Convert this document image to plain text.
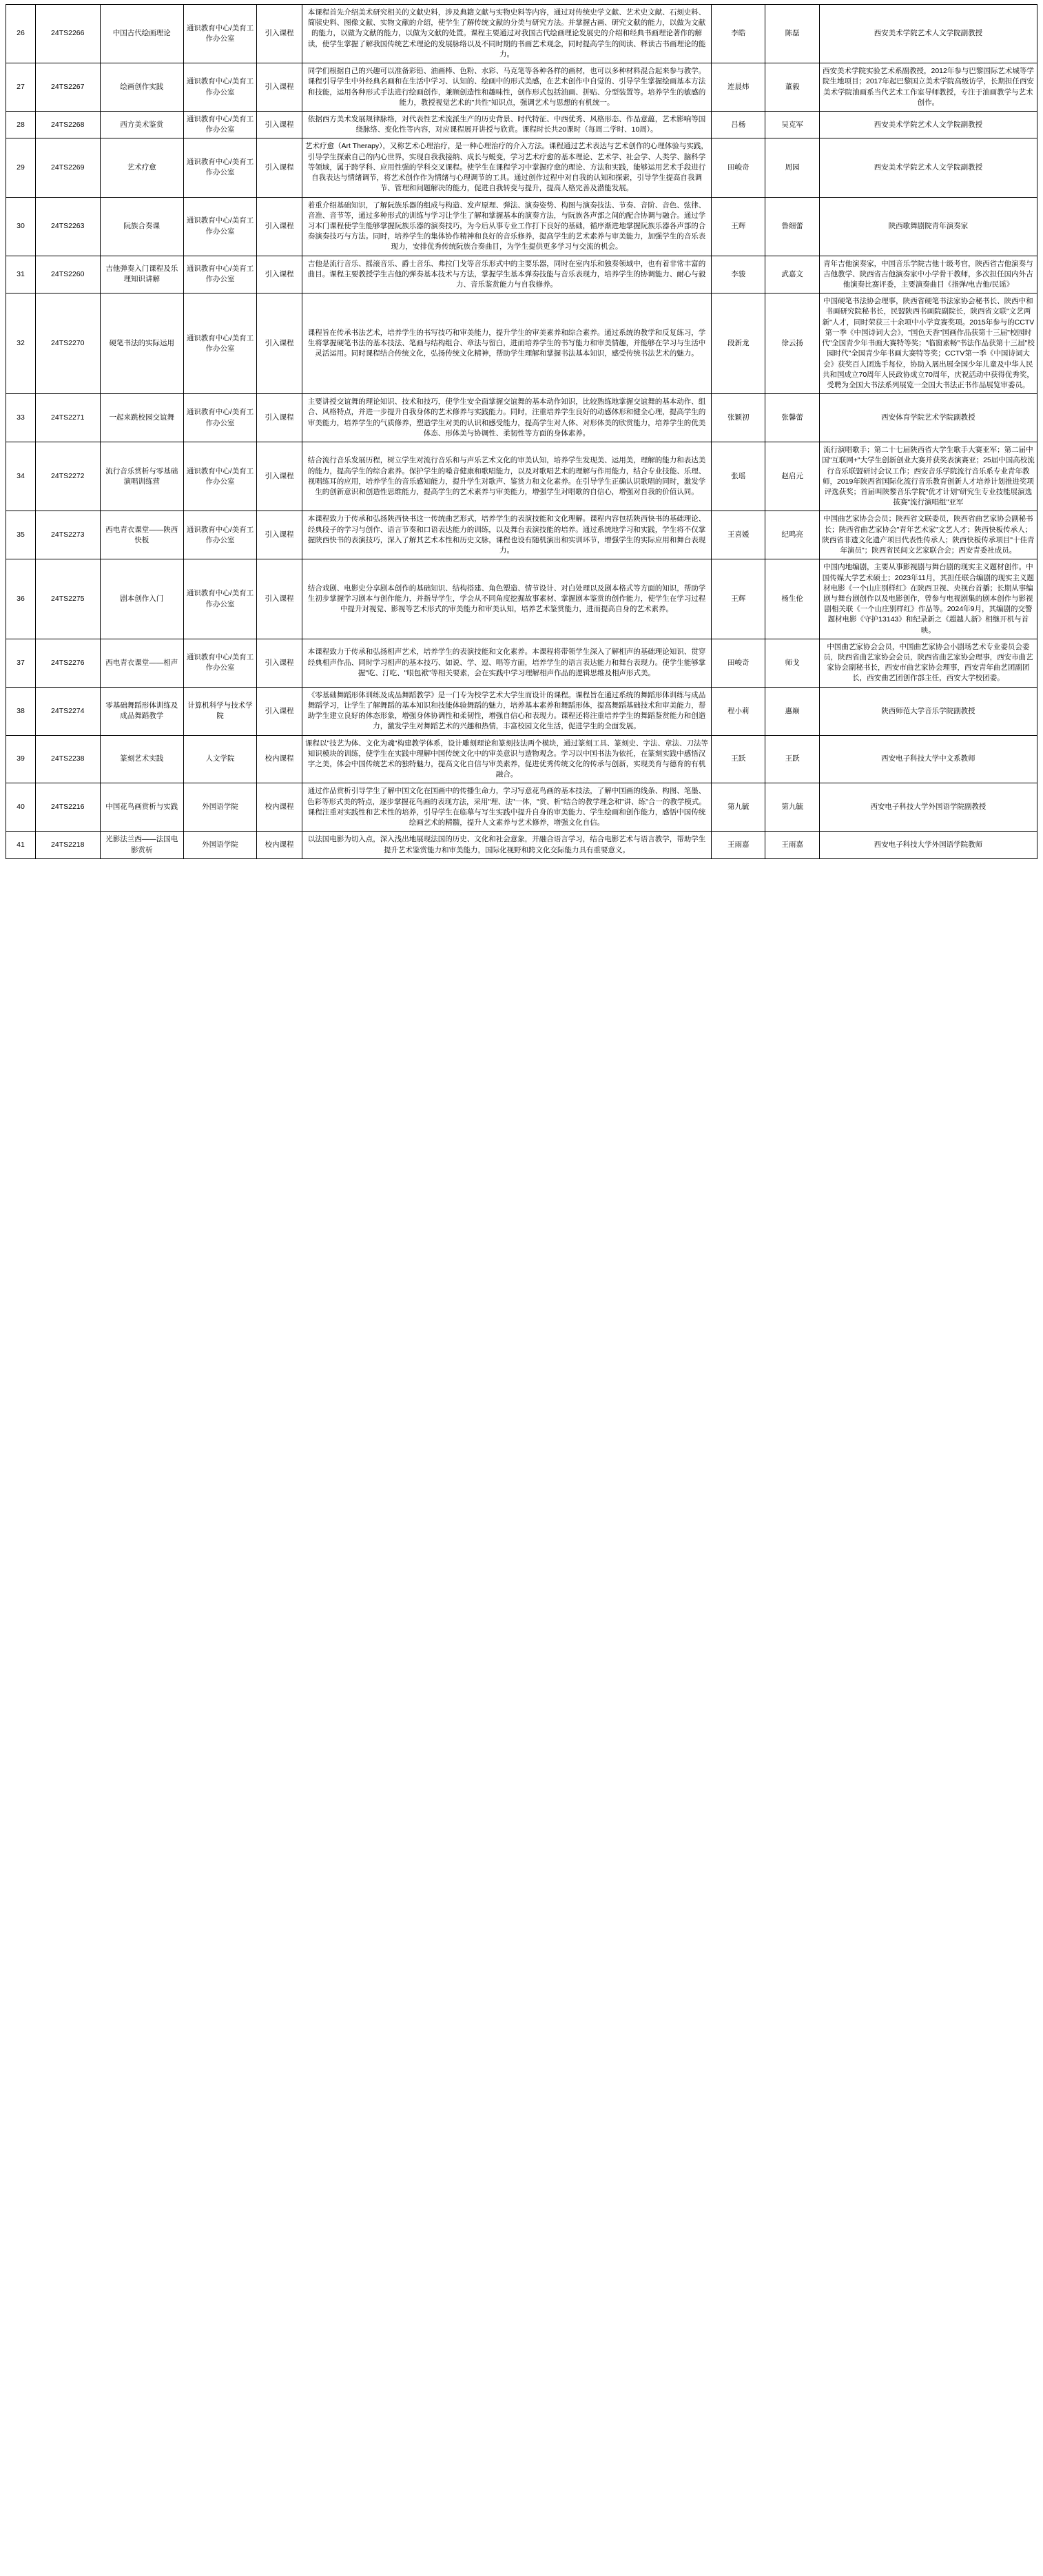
26	24TS2266	中国古代绘画理论	通识教育中心/美育工作办公室	引入课程	本课程首先介绍美术研究相关的文献史料，涉及典籍文献与实物史料等内容，通过对传统史学文献、艺术史文献、石刻史料、简牍史料、图像文献、实物文献的介绍，使学生了解传统文献的分类与研究方法。并掌握古画、研究文献的能力，以做为文献的能力，以做为文献的能力，以做为文献的处置。课程主要通过对我国古代绘画理论发展史的介绍和经典书画理论著作的解读，使学生掌握了解我国传统艺术理论的发展脉络以及不同时期的书画艺术观念，同时提高学生的阅读、释读古书画理论的能力。	李皓	陈磊	西安美术学院艺术人文学院副教授
27	24TS2267	绘画创作实践	通识教育中心/美育工作办公室	引入课程	同学们根据自己的兴趣可以准备彩铅、油画棒、色粉、水彩、马克笔等各种各样的画材，也可以多种材料混合起来参与教学。课程引导学生中外经典名画和在生活中学习、认知的、绘画中的形式美感，在艺术创作中自觉的、引导学生掌握绘画基本方法和技能，运用各种形式手法进行绘画创作，兼顾创造性和趣味性，创作形式包括油画、拼贴、分型装置等。培养学生的敏感的能力，教授视觉艺术的"共性"知识点，强调艺术与思想的有机统一。	连晨炜	董毅	西安美术学院实验艺术系副教授，2012年参与巴黎国际艺术城等学院生地项目；2017年起巴黎国立美术学院高级访学，长期担任西安美术学院油画系当代艺术工作室导师教授，专注于油画教学与艺术创作。
28	24TS2268	西方美术鉴赏	通识教育中心/美育工作办公室	引入课程	依据西方美术发展规律脉络，对代表性艺术流派生产的历史背景、时代特征、中西优秀、风格形态、作品意蕴，艺术影响等国绕脉络、变化性等内容，对应课程展开讲授与欣赏。课程时长共20课时（每周二学时、10周）。	吕杨	吴克军	西安美术学院艺术人文学院副教授
29	24TS2269	艺术疗愈	通识教育中心/美育工作办公室	引入课程	艺术疗愈（Art Therapy），又称艺术心理治疗，是一种心理治疗的介入方法。课程通过艺术表达与艺术创作的心理体验与实践，引导学生探索自己的内心世界，实现自我我接纳、成长与蜕变，学习艺术疗愈的基本理论、艺术学、社会学、人类学、脑科学等领域，属于跨学科、应用性强的学科交叉课程。使学生在课程学习中掌握疗愈的理论、方法和实践，能够运用艺术手段进行自我表达与情绪调节，将艺术创作作为情绪与心理调节的工具。通过创作过程中对自我的认知和探索，引导学生提高自我调节、管理和问题解决的能力，促进自我转变与提升，提高人格完善及潜能发展。	田峻奇	周园	西安美术学院艺术人文学院副教授
30	24TS2263	阮族合奏课	通识教育中心/美育工作办公室	引入课程	着重介绍基础知识，了解阮族乐器的组成与构造、发声原理、弹法、演奏姿势、构图与演奏技法、节奏、音阶、音色、弦律、音准、音节等，通过多种形式的训练与学习让学生了解和掌握基本的演奏方法，与阮族各声部之间的配合协调与融合。通过学习本门课程使学生能够掌握阮族乐器的演奏技巧，为今后从事专业工作打下良好的基础，循序渐进地掌握阮族乐器各声部的合奏演奏技巧与方法。同时，培养学生的集体协作精神和良好的音乐修养，提高学生的艺术素养与审美能力，加强学生的音乐表现力，安排优秀传统阮族合奏曲目，为学生提供更多学习与交流的机会。	王辉	鲁细蕾	陕西歌舞剧院青年演奏家
31	24TS2260	吉他弹奏入门课程及乐理知识讲解	通识教育中心/美育工作办公室	引入课程	吉他是流行音乐、摇滚音乐、爵士音乐、弗拉门戈等音乐形式中的主要乐器，同时在室内乐和独奏领域中，也有着非常丰富的曲目。课程主要教授学生吉他的弹奏基本技术与方法，掌握学生基本弹奏技能与音乐表现力，培养学生的协调能力、耐心与毅力、音乐鉴赏能力与自我修养。	李骏	武嘉文	青年吉他演奏家，中国音乐学院吉他十级考官，陕西省吉他演奏与吉他教学、陕西省吉他演奏家中小学骨干教师，多次担任国内外吉他演奏比赛评委，主要演奏曲目《指弹/电吉他/民谣》
32	24TS2270	硬笔书法的实际运用	通识教育中心/美育工作办公室	引入课程	课程旨在传承书法艺术，培养学生的书写技巧和审美能力，提升学生的审美素养和综合素养。通过系统的教学和反复练习，学生将掌握硬笔书法的基本技法、笔画与结构组合、章法与留白，进而培养学生的书写能力和审美情趣，并能够在学习与生活中灵活运用。同时课程结合传统文化，弘扬传统文化精神，帮助学生理解和掌握书法基本知识，感受传统书法艺术的魅力。	段新龙	徐云扬	中国硬笔书法协会理事，陕西省硬笔书法家协会秘书长、陕西中和书画研究院秘书长，民盟陕西书画院副院长，陕西省文联"文艺两新"人才，同时荣获三十余项中小学竞赛奖项。2015年参与的CCTV第一季《中国诗词大会》，"国色天香"国画作品获第十三届"校园时代"全国青少年书画大赛特等奖；"临窗素畅"书法作品获第十三届"校园时代"全国青少年书画大赛特等奖；CCTV第一季《中国诗词大会》获奖百人团选手每位，协助入展出展全国少年儿童及中华人民共和国成立70周年人民政协成立70周年，庆祝活动中获得优秀奖，受聘为全国大书法系列展览一全国大书法正书作品展览审委员。
33	24TS2271	一起来跳校园交谊舞	通识教育中心/美育工作办公室	引入课程	主要讲授交谊舞的理论知识、技术和技巧，使学生安全面掌握交谊舞的基本动作知识，比较熟练地掌握交谊舞的基本动作、组合、风格特点，并进一步提升自我身体的艺术修养与实践能力。同时，注重培养学生良好的动感体形和健全心理，提高学生的审美能力，培养学生的气质修养，塑造学生对美的认识和感受能力，提高学生对人体、对形体美的欣赏能力，培养学生的优美体态、形体美与协调性、柔韧性等方面的身体素养。	张颖初	张馨蕾	西安体育学院艺术学院副教授
34	24TS2272	流行音乐赏析与零基础演唱训练营	通识教育中心/美育工作办公室	引入课程	结合流行音乐发展历程，树立学生对流行音乐和与声乐艺术文化的审美认知，培养学生发现美、运用美，理解的能力和表达美的能力，提高学生的综合素养。保护学生的嗓音健康和歌唱能力，以及对歌唱艺术的理解与作用能力，结合专业技能、乐理、视唱练耳的应用，培养学生的音乐感知能力，提升学生对歌声、鉴赏力和文化素养。在引导学生正确认识歌唱的同时，激发学生的创新意识和创造性思维能力，提高学生的艺术素养与审美能力，增强学生对唱歌的自信心，增强对自我的价值认同。	张瑶	赵启元	流行演唱歌手；第二十七届陕西省大学生歌手大赛亚军；第二届中国"互联网+"大学生创新创业大赛并获奖表演赛亚；25届中国高校流行音乐联盟研讨会议工作；西安音乐学院流行音乐系专业青年教师，2019年陕西省国际化流行音乐教育创新人才培养计划推进奖项评选获奖；首届叫陕黎音乐学院"优才计划"研究生专业技能展演选拔赛"流行演唱组"亚军
35	24TS2273	西电青衣课堂——陕西快板	通识教育中心/美育工作办公室	引入课程	本课程致力于传承和弘扬陕西快书这一传统曲艺形式，培养学生的表演技能和文化理解。课程内容包括陕西快书的基础理论、经典段子的学习与创作、语言节奏和口语表达能力的训练，以及舞台表演技能的培养。通过系统地学习和实践，学生将不仅掌握陕西快书的表演技巧，深入了解其艺术本性和历史文脉，课程也设有随机演出和实训环节，增强学生的实际应用和舞台表现力。	王喜媛	纪鸣亮	中国曲艺家协会会员；陕西省文联委员，陕西省曲艺家协会副秘书长；陕西省曲艺家协会"青年艺术家"文艺人才；陕西快板传承人；陕西省非遗文化遗产项目代表性传承人；陕西快板传承项目"十佳青年演员"；陕西省民间文艺家联合会；西安青委社成员。
36	24TS2275	剧本创作入门	通识教育中心/美育工作办公室	引入课程	结合戏剧、电影史分享剧本创作的基础知识、结构搭建、角色塑造、情节设计、对白处理以及剧本格式等方面的知识，帮助学生初步掌握学习剧本与创作能力，并指导学生，学会从不同角度挖掘故事素材、掌握剧本鉴赏的创作能力，使学生在学习过程中提升对视觉、影视等艺术形式的审美能力和审美认知，培养艺术鉴赏能力，进而提高自身的艺术素养。	王辉	杨生伦	中国内地编剧，主要从事影视剧与舞台剧的现实主义题材创作。中国传媒大学艺术硕士；2023年11月，其担任联合编剧的现实主义题材电影《一个山庄别样红》在陕西卫视、央视台首播；长期从事编剧与舞台剧创作以及电影创作，曾参与电视剧集的剧本创作与影视剧相关联《一个山庄别样红》作品等。2024年9月，其编剧的交警题材电影《守护13143》和纪录新之《超越人新》相继开机与首映。
37	24TS2276	西电青衣课堂——相声	通识教育中心/美育工作办公室	引入课程	本课程致力于传承和弘扬相声艺术，培养学生的表演技能和文化素养。本课程将带领学生深入了解相声的基础理论知识、贯穿经典相声作品、同时学习相声的基本技巧、如说、学、逗、唱等方面，培养学生的语言表达能力和舞台表现力。使学生能够掌握"吃、汀吃、"哏包袱"等相关要素，会在实践中学习理解相声作品的逻辑思维及相声形式美。	田峻奇	师戈	中国曲艺家协会会员，中国曲艺家协会小剧场艺术专业委员会委员，陕西省曲艺家协会会员，陕西省曲艺家协会理事，西安市曲艺家协会副秘书长，西安市曲艺家协会理事，西安青年曲艺团副团长，西安曲艺团创作部主任，西安大学校团委。
38	24TS2274	零基础舞蹈形体训练及成品舞蹈教学	计算机科学与技术学院	引入课程	《零基础舞蹈形体训练及成品舞蹈教学》是一门专为校学艺术大学生而设计的课程。课程旨在通过系统的舞蹈形体训练与成品舞蹈学习，让学生了解舞蹈的基本知识和技能体验舞蹈的魅力，培养基本素养和舞蹈形体，提高舞蹈基础技术和审美能力，帮助学生建立良好的体态形象，增强身体协调性和柔韧性，增强自信心和表现力。课程还将注重培养学生的舞蹈鉴赏能力和创造力，激发学生对舞蹈艺术的兴趣和热情，丰富校园文化生活，促进学生的全面发展。	程小莉	惠巅	陕西师范大学音乐学院副教授
39	24TS2238	篆刻艺术实践	人文学院	校内课程	课程以"技艺为体、文化为魂"构建教学体系，设计雕刻理论和篆刻技法两个模块，通过篆刻工具、篆刻史、字法、章法、刀法等知识模块的训练，使学生在实践中理解中国传统文化中的审美意识与造物观念。学习以中国书法为依托，在篆刻实践中感悟汉字之美，体会中国传统艺术的独特魅力，提高文化自信与审美素养，促进优秀传统文化的传承与创新，实现美育与德育的有机融合。	王跃	王跃	西安电子科技大学中文系教师
40	24TS2216	中国花鸟画赏析与实践	外国语学院	校内课程	通过作品赏析引导学生了解中国文化在国画中的传播生命力，学习写意花鸟画的基本技法，了解中国画的线条、构图、笔墨、色彩等形式美的特点，逐步掌握花鸟画的表现方法，采用"理、法"一体，"赏、析"结合的教学理念和"讲、练"合一的教学模式。课程注重对实践性和艺术性的培养，引导学生在临摹与写生实践中提升自身的审美能力、学生绘画和创作能力，感悟中国传统绘画艺术的精髓，提升人文素养与艺术修养，增强文化自信。	第九毓	第九毓	西安电子科技大学外国语学院副教授
41	24TS2218	光影法兰西——法国电影赏析	外国语学院	校内课程	以法国电影为切入点，深入浅出地展现法国的历史、文化和社会意象，并融合语言学习，结合电影艺术与语言教学，帮助学生提升艺术鉴赏能力和审美能力，国际化视野和跨文化交际能力具有重要意义。	王雨嘉	王雨嘉	西安电子科技大学外国语学院教师
